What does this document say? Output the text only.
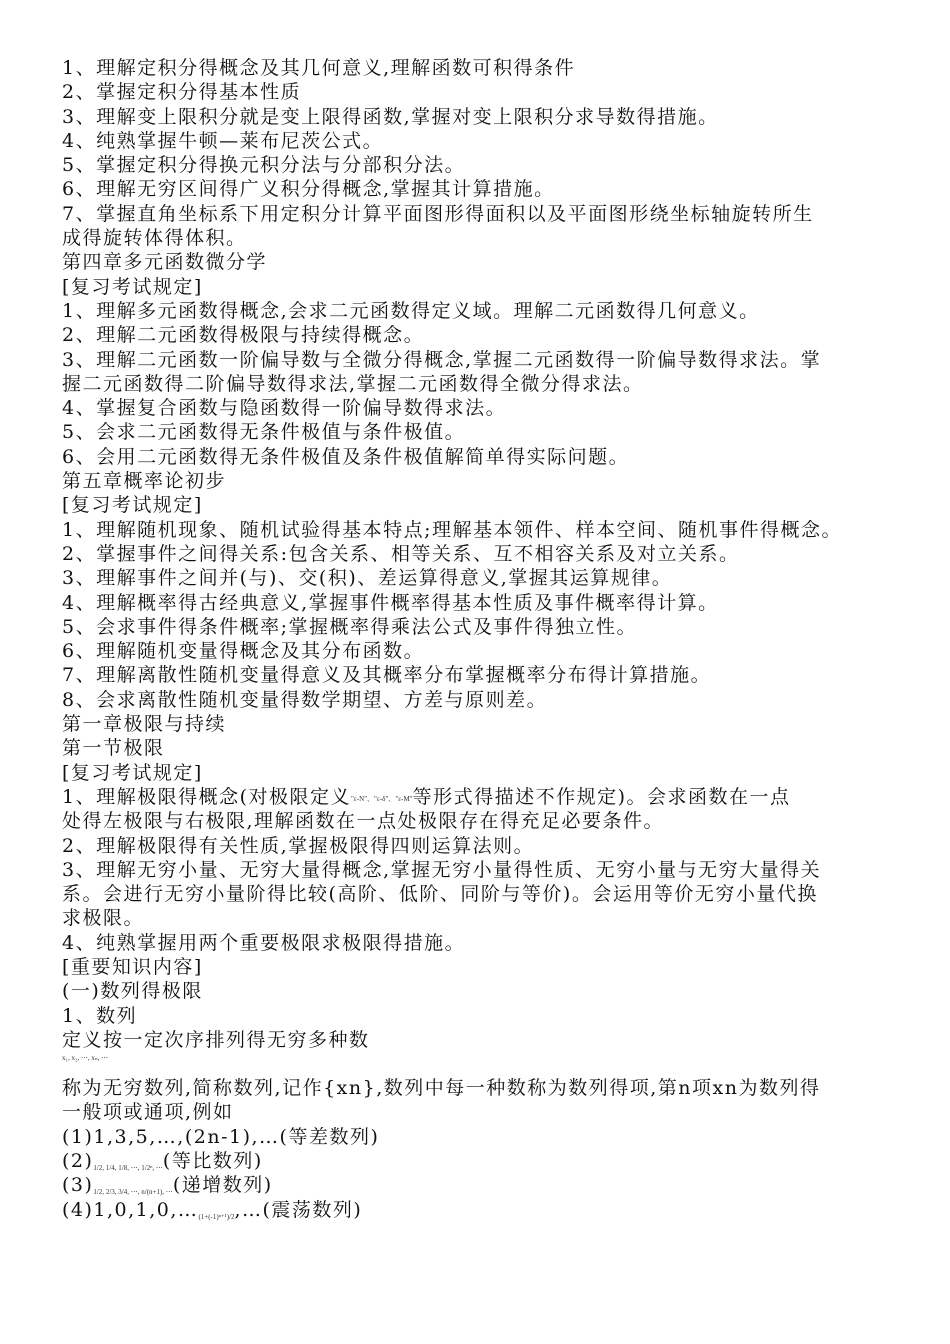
1、理解定积分得概念及其几何意义,理解函数可积得条件
2、掌握定积分得基本性质
3、理解变上限积分就是变上限得函数,掌握对变上限积分求导数得措施。
4、纯熟掌握牛顿—莱布尼茨公式。
5、掌握定积分得换元积分法与分部积分法。
6、理解无穷区间得广义积分得概念,掌握其计算措施。
7、掌握直角坐标系下用定积分计算平面图形得面积以及平面图形绕坐标轴旋转所生
成得旋转体得体积。
第四章多元函数微分学
[复习考试规定]
1、理解多元函数得概念,会求二元函数得定义域。理解二元函数得几何意义。
2、理解二元函数得极限与持续得概念。
3、理解二元函数一阶偏导数与全微分得概念,掌握二元函数得一阶偏导数得求法。掌
握二元函数得二阶偏导数得求法,掌握二元函数得全微分得求法。
4、掌握复合函数与隐函数得一阶偏导数得求法。
5、会求二元函数得无条件极值与条件极值。
6、会用二元函数得无条件极值及条件极值解简单得实际问题。
第五章概率论初步
[复习考试规定]
1、理解随机现象、随机试验得基本特点;理解基本领件、样本空间、随机事件得概念。
2、掌握事件之间得关系:包含关系、相等关系、互不相容关系及对立关系。
3、理解事件之间并(与)、交(积)、差运算得意义,掌握其运算规律。
4、理解概率得古经典意义,掌握事件概率得基本性质及事件概率得计算。
5、会求事件得条件概率;掌握概率得乘法公式及事件得独立性。
6、理解随机变量得概念及其分布函数。
7、理解离散性随机变量得意义及其概率分布掌握概率分布得计算措施。
8、会求离散性随机变量得数学期望、方差与原则差。
第一章极限与持续
第一节极限
[复习考试规定]
1、理解极限得概念(对极限定义"ε-N"、"ε-δ"、"ε-M"等形式得描述不作规定)。会求函数在一点
处得左极限与右极限,理解函数在一点处极限存在得充足必要条件。
2、理解极限得有关性质,掌握极限得四则运算法则。
3、理解无穷小量、无穷大量得概念,掌握无穷小量得性质、无穷小量与无穷大量得关
系。会进行无穷小量阶得比较(高阶、低阶、同阶与等价)。会运用等价无穷小量代换
求极限。
4、纯熟掌握用两个重要极限求极限得措施。
[重要知识内容]
(一)数列得极限
1、数列
定义按一定次序排列得无穷多种数
$^{x_1, x_2, \cdots, x_n, \cdots}$
称为无穷数列,简称数列,记作{xn},数列中每一种数称为数列得项,第n项xn为数列得
一般项或通项,例如
(1)1,3,5,…,(2n-1),…(等差数列)
(2)1/2, 1/4, 1/8, ⋯, 1/2ⁿ, ⋯(等比数列)
(3)1/2, 2/3, 3/4, ⋯, n/(n+1), ⋯(递增数列)
(4)1,0,1,0,…(1+(-1)ⁿ⁺¹)/2,…(震荡数列)
